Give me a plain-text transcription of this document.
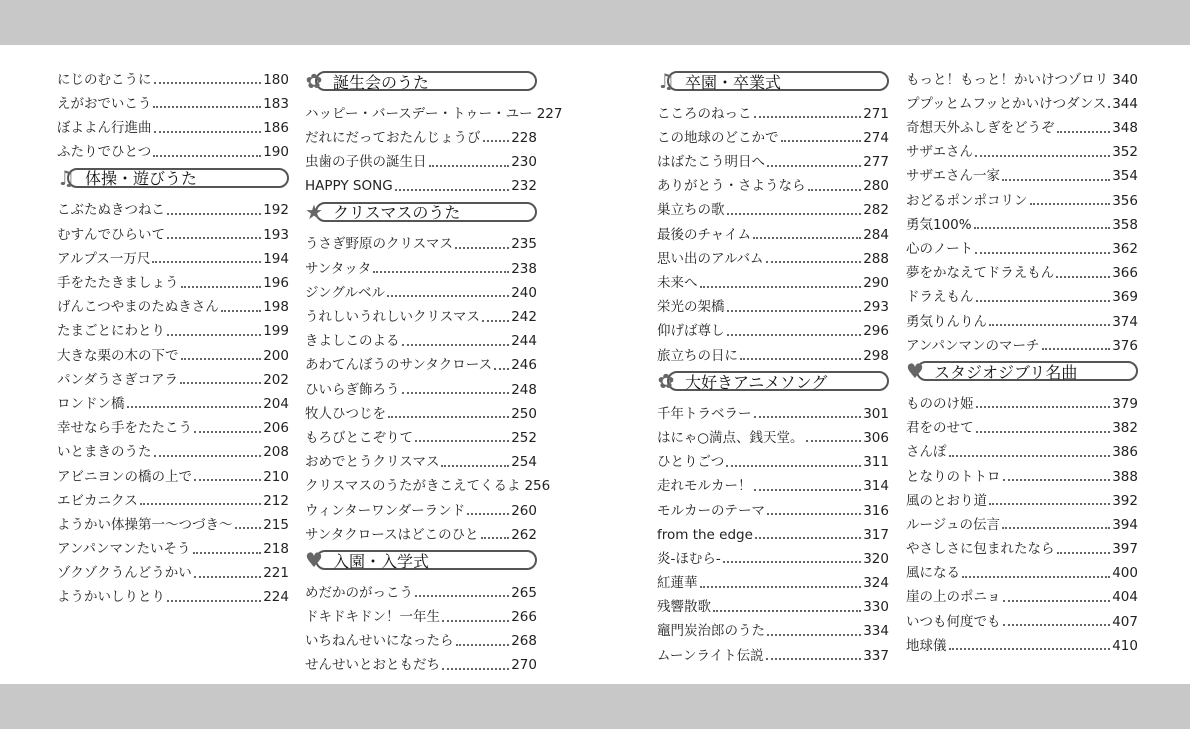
にじのむこうに	180
えがおでいこう	183
ぼよよん行進曲	186
ふたりでひとつ	190
♫ 体操・遊びうた
こぶたぬきつねこ	192
むすんでひらいて	193
アルプス一万尺	194
手をたたきましょう	196
げんこつやまのたぬきさん	198
たまごとにわとり	199
大きな栗の木の下で	200
パンダうさぎコアラ	202
ロンドン橋	204
幸せなら手をたたこう	206
いとまきのうた	208
アビニヨンの橋の上で	210
エビカニクス	212
ようかい体操第一〜つづき〜 215
アンパンマンたいそう	218
ゾクゾクうんどうかい	221
ようかいしりとり	224
✿ 誕生会のうた
ハッピー・バースデー・トゥー・ユー 227
だれにだっておたんじょうび 228
虫歯の子供の誕生日	230
HAPPY SONG	232
★ クリスマスのうた
うさぎ野原のクリスマス	235
サンタッタ	238
ジングルベル	240
うれしいうれしいクリスマス 242
きよしこのよる	244
あわてんぼうのサンタクロース 246
ひいらぎ飾ろう	248
牧人ひつじを	250
もろびとこぞりて	252
おめでとうクリスマス	254
クリスマスのうたがきこえてくるよ 256
ウィンターワンダーランド	260
サンタクロースはどこのひと 262
♥ 入園・入学式
めだかのがっこう	265
ドキドキドン！一年生	266
いちねんせいになったら	268
せんせいとおともだち	270
♫ 卒園・卒業式
こころのねっこ	271
この地球のどこかで	274
はばたこう明日へ	277
ありがとう・さようなら	280
巣立ちの歌	282
最後のチャイム	284
思い出のアルバム	288
未来へ	290
栄光の架橋	293
仰げば尊し	296
旅立ちの日に	298
✿ 大好きアニメソング
千年トラベラー	301
はにゃ○満点、銭天堂。	306
ひとりごつ	311
走れモルカー！	314
モルカーのテーマ	316
from the edge	317
炎-ほむら-	320
紅蓮華	324
残響散歌	330
竈門炭治郎のうた	334
ムーンライト伝説	337
もっと！もっと！かいけつゾロリ 340
ププッとムフッとかいけつダンス 344
奇想天外ふしぎをどうぞ	348
サザエさん	352
サザエさん一家	354
おどるポンポコリン	356
勇気100%	358
心のノート	362
夢をかなえてドラえもん	366
ドラえもん	369
勇気りんりん	374
アンパンマンのマーチ	376
♥ スタジオジブリ名曲
もののけ姫	379
君をのせて	382
さんぽ	386
となりのトトロ	388
風のとおり道	392
ルージュの伝言	394
やさしさに包まれたなら	397
風になる	400
崖の上のポニョ	404
いつも何度でも	407
地球儀	410
